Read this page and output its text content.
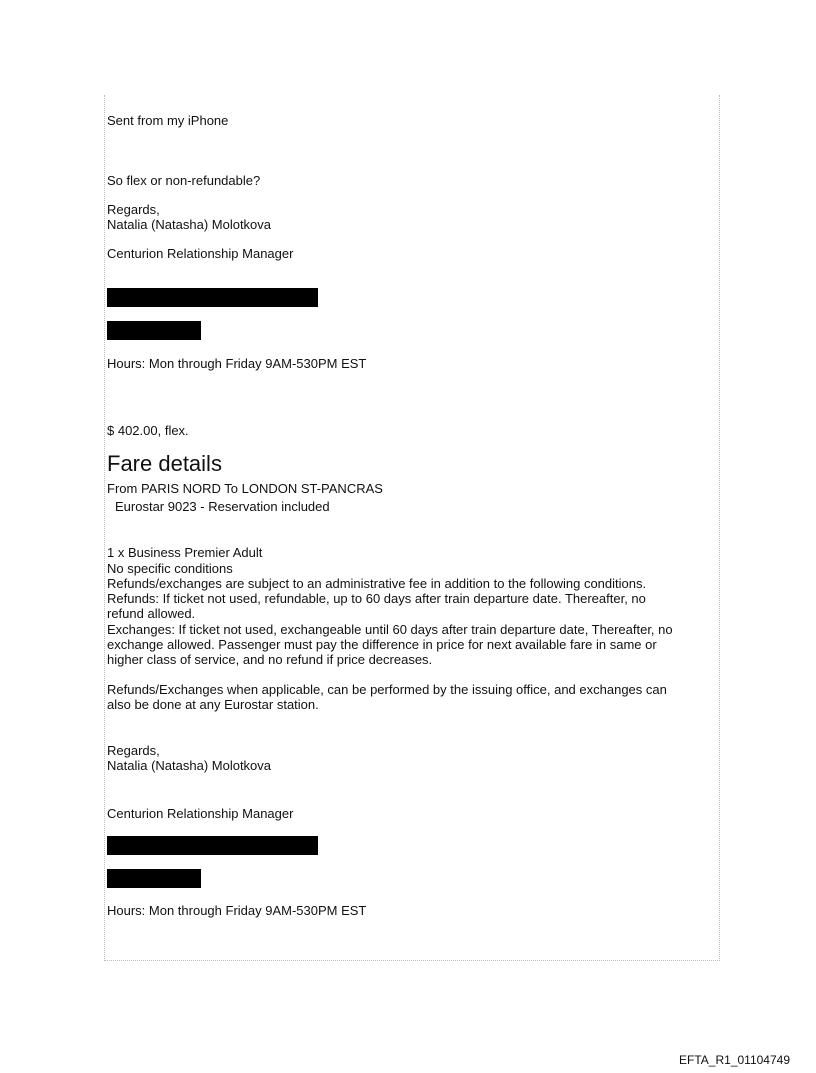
Sent from my iPhone
So flex or non-refundable?
Regards,
Natalia (Natasha) Molotkova
Centurion Relationship Manager
Hours: Mon through Friday 9AM-530PM EST
$ 402.00, flex.
Fare details
From PARIS NORD To LONDON ST-PANCRAS
Eurostar 9023 - Reservation included
1 x Business Premier Adult
No specific conditions
Refunds/exchanges are subject to an administrative fee in addition to the following conditions.
Refunds: If ticket not used, refundable, up to 60 days after train departure date. Thereafter, no
refund allowed.
Exchanges: If ticket not used, exchangeable until 60 days after train departure date, Thereafter, no
exchange allowed. Passenger must pay the difference in price for next available fare in same or
higher class of service, and no refund if price decreases.
Refunds/Exchanges when applicable, can be performed by the issuing office, and exchanges can
also be done at any Eurostar station.
Regards,
Natalia (Natasha) Molotkova
Centurion Relationship Manager
Hours: Mon through Friday 9AM-530PM EST
EFTA_R1_01104749
